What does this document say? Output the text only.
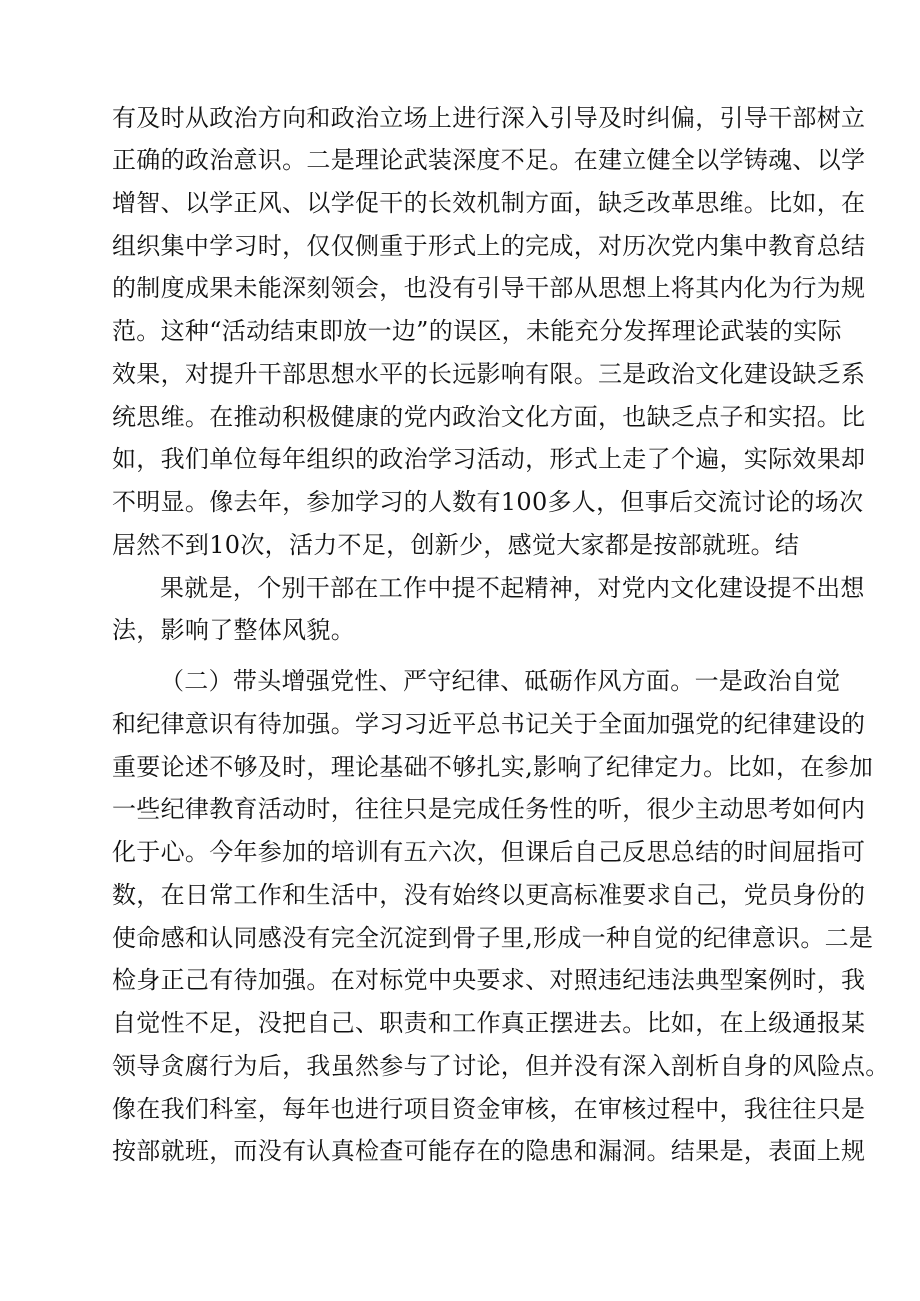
有及时从政治方向和政治立场上进行深入引导及时纠偏，引导干部树立
正确的政治意识。二是理论武装深度不足。在建立健全以学铸魂、以学
增智、以学正风、以学促干的长效机制方面，缺乏改革思维。比如，在
组织集中学习时，仅仅侧重于形式上的完成，对历次党内集中教育总结
的制度成果未能深刻领会，也没有引导干部从思想上将其内化为行为规
范。这种“活动结束即放一边”的误区，未能充分发挥理论武装的实际
效果，对提升干部思想水平的长远影响有限。三是政治文化建设缺乏系
统思维。在推动积极健康的党内政治文化方面，也缺乏点子和实招。比
如，我们单位每年组织的政治学习活动，形式上走了个遍，实际效果却
不明显。像去年，参加学习的人数有100多人，但事后交流讨论的场次
居然不到10次，活力不足，创新少，感觉大家都是按部就班。结
果就是，个别干部在工作中提不起精神，对党内文化建设提不出想
法，影响了整体风貌。
（二）带头增强党性、严守纪律、砥砺作风方面。一是政治自觉
和纪律意识有待加强。学习习近平总书记关于全面加强党的纪律建设的
重要论述不够及时，理论基础不够扎实,影响了纪律定力。比如，在参加
一些纪律教育活动时，往往只是完成任务性的听，很少主动思考如何内
化于心。今年参加的培训有五六次，但课后自己反思总结的时间屈指可
数，在日常工作和生活中，没有始终以更高标准要求自己，党员身份的
使命感和认同感没有完全沉淀到骨子里,形成一种自觉的纪律意识。二是
检身正己有待加强。在对标党中央要求、对照违纪违法典型案例时，我
自觉性不足，没把自己、职责和工作真正摆进去。比如，在上级通报某
领导贪腐行为后，我虽然参与了讨论，但并没有深入剖析自身的风险点。
像在我们科室，每年也进行项目资金审核，在审核过程中，我往往只是
按部就班，而没有认真检查可能存在的隐患和漏洞。结果是，表面上规
